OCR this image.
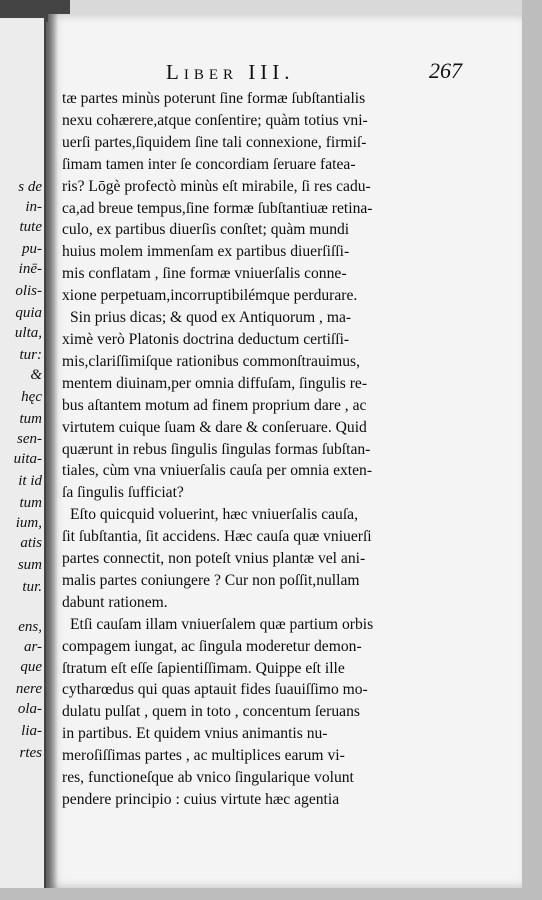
s de
in-
tute
pu-
inē-
olis-
quia
ulta,
tur:
&
hęc
tum
sen-
uita-
it id
tum
ium,
atis
sum
tur.
ens,
ar-
que
nere
ola-
lia-
rtes
Liber III.	267
tæ partes minùs poterunt ſine formæ ſubſtantialis
nexu cohærere,atque conſentire; quàm totius vni-
uerſi partes,ſiquidem ſine tali connexione, firmiſ-
ſimam tamen inter ſe concordiam ſeruare fatea-
ris? Lōgè profectò minùs eſt mirabile, ſi res cadu-
ca,ad breue tempus,ſine formæ ſubſtantiuæ retina-
culo, ex partibus diuerſis conſtet; quàm mundi
huius molem immenſam ex partibus diuerſiſſi-
mis conflatam , ſine formæ vniuerſalis conne-
xione perpetuam,incorruptibilémque perdurare.
Sin prius dicas; & quod ex Antiquorum , ma-
ximè verò Platonis doctrina deductum certiſſi-
mis,clariſſimiſque rationibus commonſtrauimus,
mentem diuinam,per omnia diffuſam, ſingulis re-
bus aſtantem motum ad finem proprium dare , ac
virtutem cuique ſuam & dare & conſeruare. Quid
quærunt in rebus ſingulis ſingulas formas ſubſtan-
tiales, cùm vna vniuerſalis cauſa per omnia exten-
ſa ſingulis ſufficiat?
Eſto quicquid voluerint, hæc vniuerſalis cauſa,
ſit ſubſtantia, ſit accidens. Hæc cauſa quæ vniuerſi
partes connectit, non poteſt vnius plantæ vel ani-
malis partes coniungere ? Cur non poſſit,nullam
dabunt rationem.
Etſi cauſam illam vniuerſalem quæ partium orbis
compagem iungat, ac ſingula moderetur demon-
ſtratum eſt eſſe ſapientiſſimam. Quippe eſt ille
cytharœdus qui quas aptauit fides ſuauiſſimo mo-
dulatu pulſat , quem in toto , concentum ſeruans
in partibus. Et quidem vnius animantis nu-
meroſiſſimas partes , ac multiplices earum vi-
res, functioneſque ab vnico ſingularique volunt
pendere principio : cuius virtute hæc agentia
